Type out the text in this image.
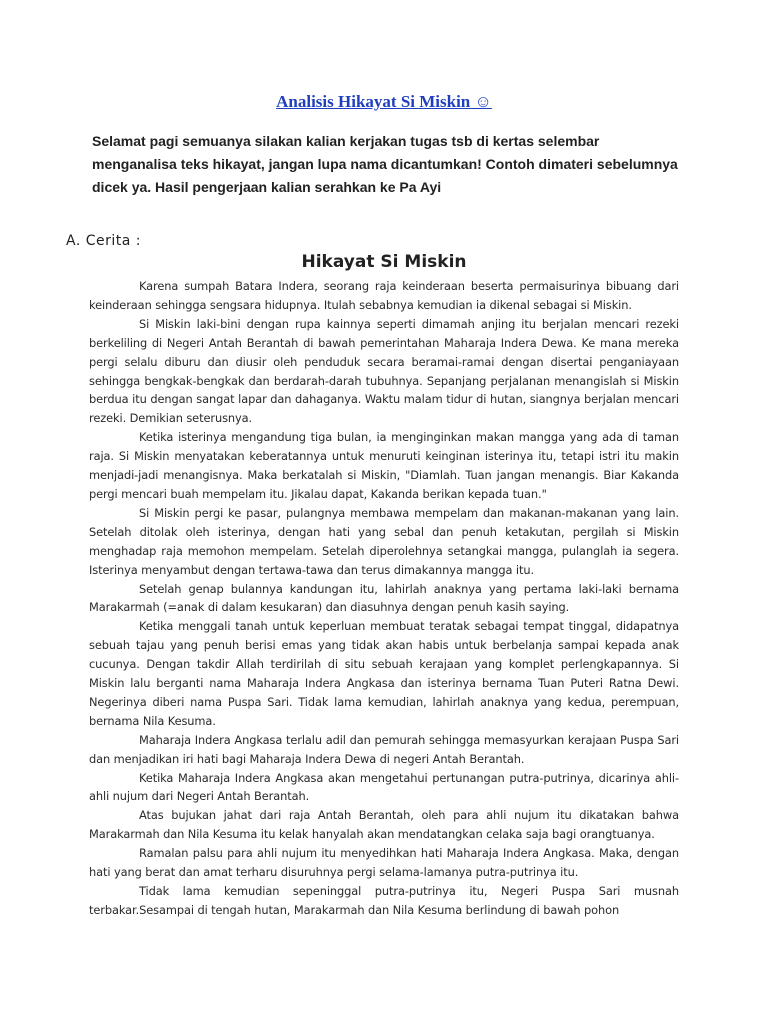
Analisis Hikayat Si Miskin ☺

Selamat pagi semuanya silakan kalian kerjakan tugas tsb di kertas selembar menganalisa teks hikayat, jangan lupa nama dicantumkan! Contoh dimateri sebelumnya dicek ya. Hasil pengerjaan kalian serahkan ke Pa Ayi

A. Cerita :

Hikayat Si Miskin

Karena sumpah Batara Indera, seorang raja keinderaan beserta permaisurinya bibuang dari keinderaan sehingga sengsara hidupnya. Itulah sebabnya kemudian ia dikenal sebagai si Miskin.

Si Miskin laki-bini dengan rupa kainnya seperti dimamah anjing itu berjalan mencari rezeki berkeliling di Negeri Antah Berantah di bawah pemerintahan Maharaja Indera Dewa. Ke mana mereka pergi selalu diburu dan diusir oleh penduduk secara beramai-ramai dengan disertai penganiayaan sehingga bengkak-bengkak dan berdarah-darah tubuhnya. Sepanjang perjalanan menangislah si Miskin berdua itu dengan sangat lapar dan dahaganya. Waktu malam tidur di hutan, siangnya berjalan mencari rezeki. Demikian seterusnya.

Ketika isterinya mengandung tiga bulan, ia menginginkan makan mangga yang ada di taman raja. Si Miskin menyatakan keberatannya untuk menuruti keinginan isterinya itu, tetapi istri itu makin menjadi-jadi menangisnya. Maka berkatalah si Miskin, "Diamlah. Tuan jangan menangis. Biar Kakanda pergi mencari buah mempelam itu. Jikalau dapat, Kakanda berikan kepada tuan."

Si Miskin pergi ke pasar, pulangnya membawa mempelam dan makanan-makanan yang lain. Setelah ditolak oleh isterinya, dengan hati yang sebal dan penuh ketakutan, pergilah si Miskin menghadap raja memohon mempelam. Setelah diperolehnya setangkai mangga, pulanglah ia segera. Isterinya menyambut dengan tertawa-tawa dan terus dimakannya mangga itu.

Setelah genap bulannya kandungan itu, lahirlah anaknya yang pertama laki-laki bernama Marakarmah (=anak di dalam kesukaran) dan diasuhnya dengan penuh kasih saying.

Ketika menggali tanah untuk keperluan membuat teratak sebagai tempat tinggal, didapatnya sebuah tajau yang penuh berisi emas yang tidak akan habis untuk berbelanja sampai kepada anak cucunya. Dengan takdir Allah terdirilah di situ sebuah kerajaan yang komplet perlengkapannya. Si Miskin lalu berganti nama Maharaja Indera Angkasa dan isterinya bernama Tuan Puteri Ratna Dewi. Negerinya diberi nama Puspa Sari. Tidak lama kemudian, lahirlah anaknya yang kedua, perempuan, bernama Nila Kesuma.

Maharaja Indera Angkasa terlalu adil dan pemurah sehingga memasyurkan kerajaan Puspa Sari dan menjadikan iri hati bagi Maharaja Indera Dewa di negeri Antah Berantah.

Ketika Maharaja Indera Angkasa akan mengetahui pertunangan putra-putrinya, dicarinya ahli-ahli nujum dari Negeri Antah Berantah.

Atas bujukan jahat dari raja Antah Berantah, oleh para ahli nujum itu dikatakan bahwa Marakarmah dan Nila Kesuma itu kelak hanyalah akan mendatangkan celaka saja bagi orangtuanya.

Ramalan palsu para ahli nujum itu menyedihkan hati Maharaja Indera Angkasa. Maka, dengan hati yang berat dan amat terharu disuruhnya pergi selama-lamanya putra-putrinya itu.

Tidak lama kemudian sepeninggal putra-putrinya itu, Negeri Puspa Sari musnah terbakar.Sesampai di tengah hutan, Marakarmah dan Nila Kesuma berlindung di bawah pohon
